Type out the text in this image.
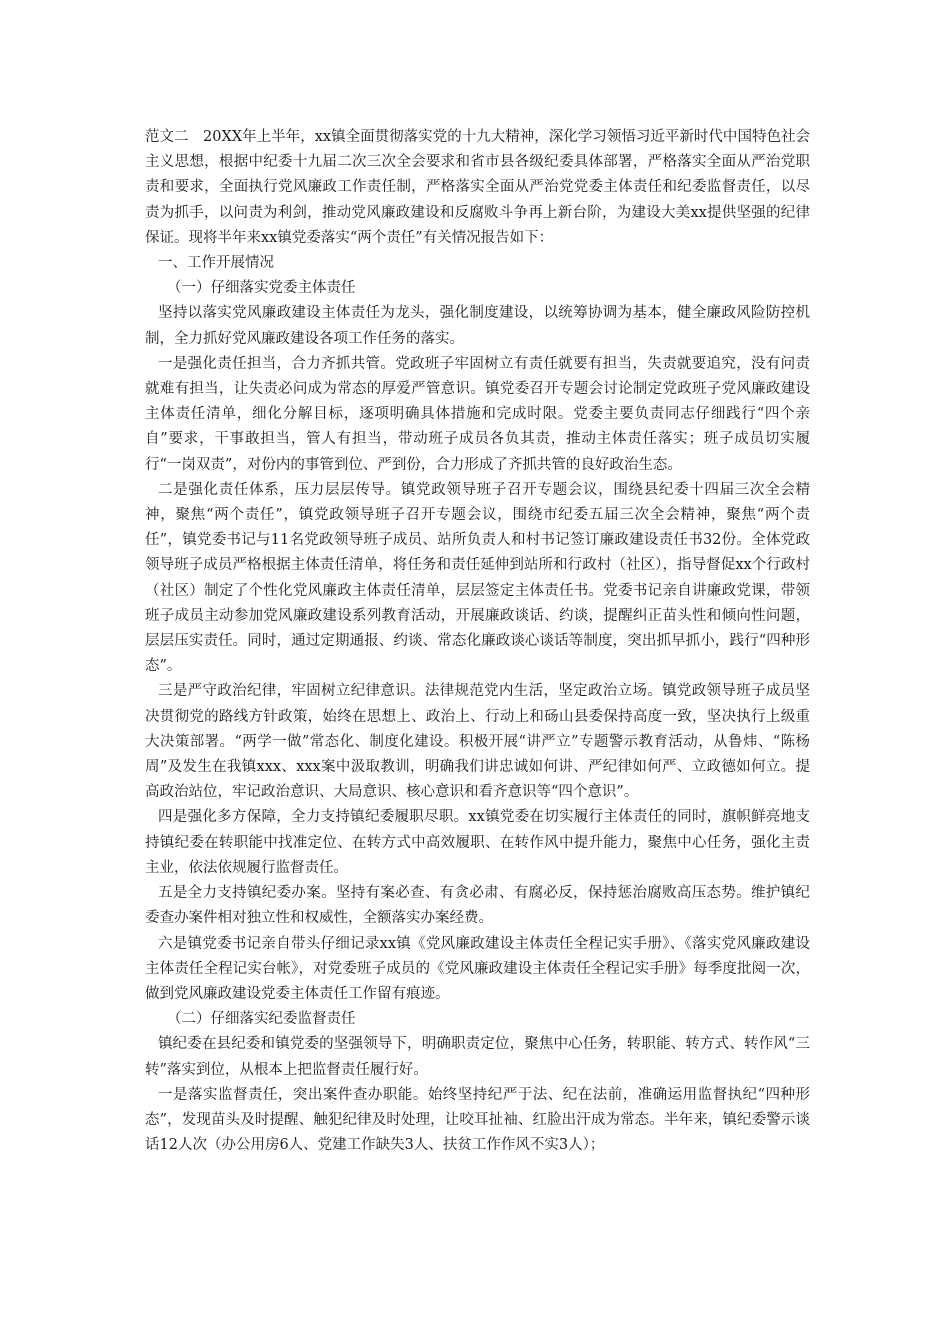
范文二　20XX年上半年，xx镇全面贯彻落实党的十九大精神，深化学习领悟习近平新时代中国特色社会主义思想，根据中纪委十九届二次三次全会要求和省市县各级纪委具体部署，严格落实全面从严治党职责和要求，全面执行党风廉政工作责任制，严格落实全面从严治党党委主体责任和纪委监督责任，以尽责为抓手，以问责为利剑，推动党风廉政建设和反腐败斗争再上新台阶，为建设大美xx提供坚强的纪律保证。现将半年来xx镇党委落实“两个责任”有关情况报告如下：

一、工作开展情况

（一）仔细落实党委主体责任

坚持以落实党风廉政建设主体责任为龙头，强化制度建设，以统筹协调为基本，健全廉政风险防控机制，全力抓好党风廉政建设各项工作任务的落实。

一是强化责任担当，合力齐抓共管。党政班子牢固树立有责任就要有担当，失责就要追究，没有问责就难有担当，让失责必问成为常态的厚爱严管意识。镇党委召开专题会讨论制定党政班子党风廉政建设主体责任清单，细化分解目标，逐项明确具体措施和完成时限。党委主要负责同志仔细践行“四个亲自”要求，干事敢担当，管人有担当，带动班子成员各负其责，推动主体责任落实；班子成员切实履行“一岗双责”，对份内的事管到位、严到份，合力形成了齐抓共管的良好政治生态。

二是强化责任体系，压力层层传导。镇党政领导班子召开专题会议，围绕县纪委十四届三次全会精神，聚焦“两个责任”，镇党政领导班子召开专题会议，围绕市纪委五届三次全会精神，聚焦“两个责任”，镇党委书记与11名党政领导班子成员、站所负责人和村书记签订廉政建设责任书32份。全体党政领导班子成员严格根据主体责任清单，将任务和责任延伸到站所和行政村（社区），指导督促xx个行政村（社区）制定了个性化党风廉政主体责任清单，层层签定主体责任书。党委书记亲自讲廉政党课，带领班子成员主动参加党风廉政建设系列教育活动，开展廉政谈话、约谈，提醒纠正苗头性和倾向性问题，层层压实责任。同时，通过定期通报、约谈、常态化廉政谈心谈话等制度，突出抓早抓小，践行“四种形态”。

三是严守政治纪律，牢固树立纪律意识。法律规范党内生活，坚定政治立场。镇党政领导班子成员坚决贯彻党的路线方针政策，始终在思想上、政治上、行动上和砀山县委保持高度一致，坚决执行上级重大决策部署。“两学一做”常态化、制度化建设。积极开展“讲严立”专题警示教育活动，从鲁炜、“陈杨周”及发生在我镇xxx、xxx案中汲取教训，明确我们讲忠诚如何讲、严纪律如何严、立政德如何立。提高政治站位，牢记政治意识、大局意识、核心意识和看齐意识等“四个意识”。

四是强化多方保障，全力支持镇纪委履职尽职。xx镇党委在切实履行主体责任的同时，旗帜鲜亮地支持镇纪委在转职能中找准定位、在转方式中高效履职、在转作风中提升能力，聚焦中心任务，强化主责主业，依法依规履行监督责任。

五是全力支持镇纪委办案。坚持有案必查、有贪必肃、有腐必反，保持惩治腐败高压态势。维护镇纪委查办案件相对独立性和权威性，全额落实办案经费。

六是镇党委书记亲自带头仔细记录xx镇《党风廉政建设主体责任全程记实手册》、《落实党风廉政建设主体责任全程记实台帐》，对党委班子成员的《党风廉政建设主体责任全程记实手册》每季度批阅一次，做到党风廉政建设党委主体责任工作留有痕迹。

（二）仔细落实纪委监督责任

镇纪委在县纪委和镇党委的坚强领导下，明确职责定位，聚焦中心任务，转职能、转方式、转作风“三转”落实到位，从根本上把监督责任履行好。

一是落实监督责任，突出案件查办职能。始终坚持纪严于法、纪在法前，准确运用监督执纪“四种形态”，发现苗头及时提醒、触犯纪律及时处理，让咬耳扯袖、红脸出汗成为常态。半年来，镇纪委警示谈话12人次（办公用房6人、党建工作缺失3人、扶贫工作作风不实3人）；
